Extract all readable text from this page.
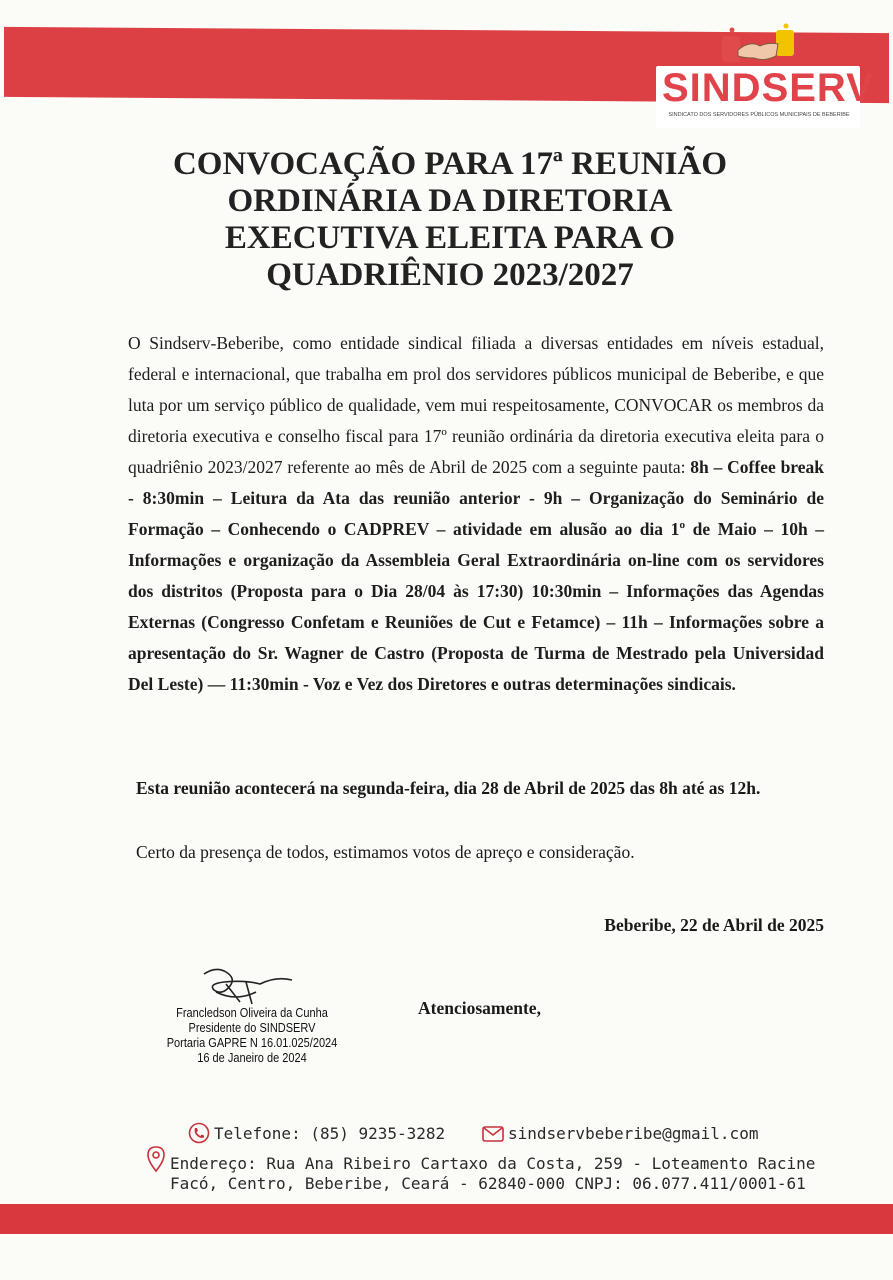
SINDSERV
SINDICATO DOS SERVIDORES PÚBLICOS MUNICIPAIS DE BEBERIBE
CONVOCAÇÃO PARA 17ª REUNIÃO ORDINÁRIA DA DIRETORIA EXECUTIVA ELEITA PARA O QUADRIÊNIO 2023/2027
O Sindserv-Beberibe, como entidade sindical filiada a diversas entidades em níveis estadual, federal e internacional, que trabalha em prol dos servidores públicos municipal de Beberibe, e que luta por um serviço público de qualidade, vem mui respeitosamente, CONVOCAR os membros da diretoria executiva e conselho fiscal para 17º reunião ordinária da diretoria executiva eleita para o quadriênio 2023/2027 referente ao mês de Abril de 2025 com a seguinte pauta: 8h – Coffee break - 8:30min – Leitura da Ata das reunião anterior - 9h – Organização do Seminário de Formação – Conhecendo o CADPREV – atividade em alusão ao dia 1º de Maio – 10h – Informações e organização da Assembleia Geral Extraordinária on-line com os servidores dos distritos (Proposta para o Dia 28/04 às 17:30) 10:30min – Informações das Agendas Externas (Congresso Confetam e Reuniões de Cut e Fetamce) – 11h – Informações sobre a apresentação do Sr. Wagner de Castro (Proposta de Turma de Mestrado pela Universidad Del Leste) — 11:30min - Voz e Vez dos Diretores e outras determinações sindicais.
Esta reunião acontecerá na segunda-feira, dia 28 de Abril de 2025 das 8h até as 12h.
Certo da presença de todos, estimamos votos de apreço e consideração.
Beberibe, 22 de Abril de 2025
Atenciosamente,
Francledson Oliveira da Cunha
Presidente do SINDSERV
Portaria GAPRE N 16.01.025/2024
16 de Janeiro de 2024
Telefone: (85) 9235-3282	sindservbeberibe@gmail.com
Endereço: Rua Ana Ribeiro Cartaxo da Costa, 259 - Loteamento Racine
Facó, Centro, Beberibe, Ceará - 62840-000 CNPJ: 06.077.411/0001-61
